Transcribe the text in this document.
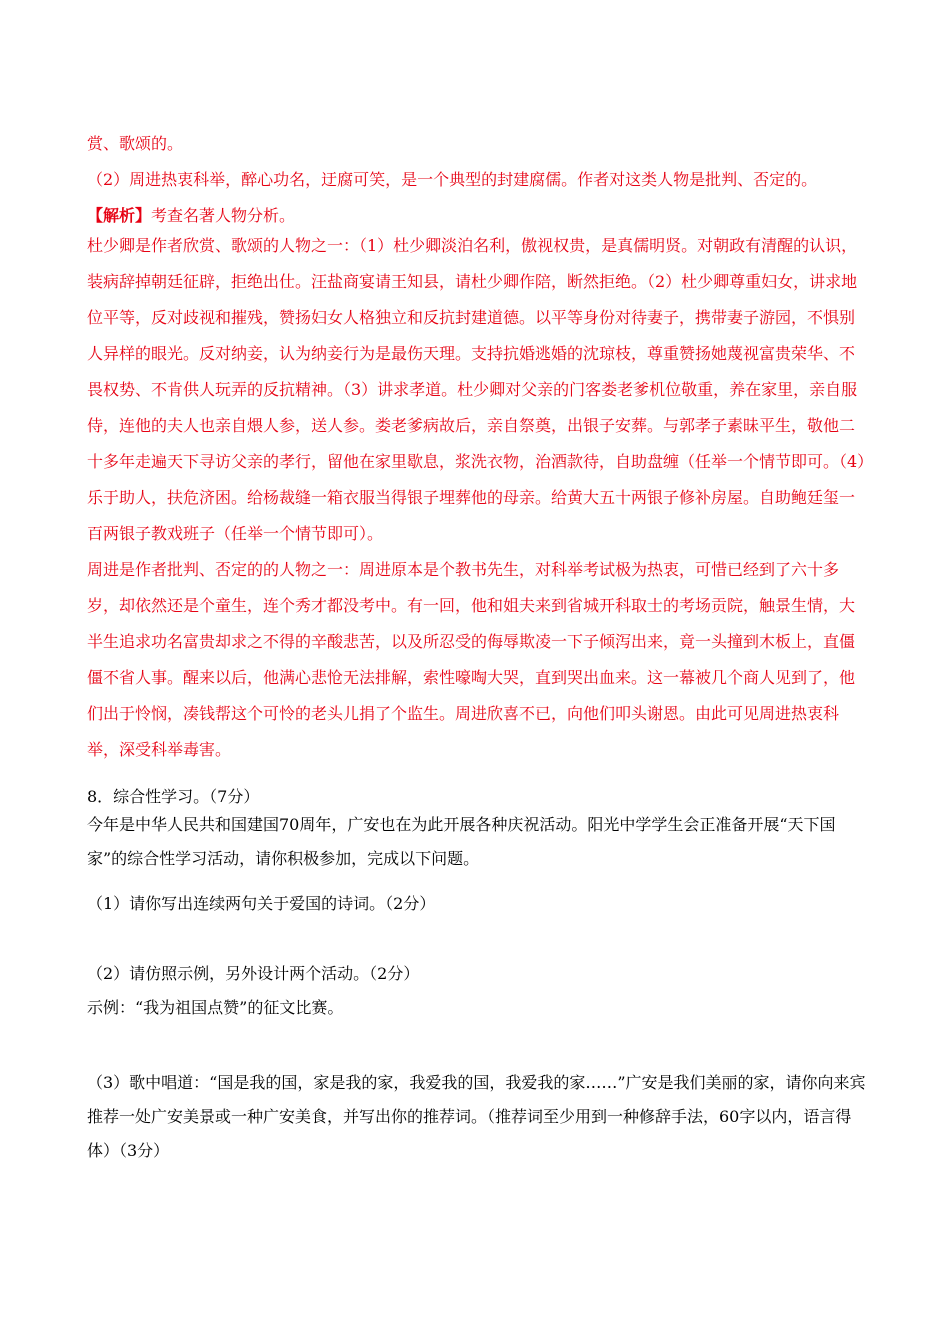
赏、歌颂的。
（2）周进热衷科举，醉心功名，迂腐可笑，是一个典型的封建腐儒。作者对这类人物是批判、否定的。
【解析】考查名著人物分析。
杜少卿是作者欣赏、歌颂的人物之一：（1）杜少卿淡泊名利，傲视权贵，是真儒明贤。对朝政有清醒的认识，装病辞掉朝廷征辟，拒绝出仕。汪盐商宴请王知县，请杜少卿作陪，断然拒绝。（2）杜少卿尊重妇女，讲求地位平等，反对歧视和摧残，赞扬妇女人格独立和反抗封建道德。以平等身份对待妻子，携带妻子游园，不惧别人异样的眼光。反对纳妾，认为纳妾行为是最伤天理。支持抗婚逃婚的沈琼枝，尊重赞扬她蔑视富贵荣华、不畏权势、不肯供人玩弄的反抗精神。（3）讲求孝道。杜少卿对父亲的门客娄老爹机位敬重，养在家里，亲自服侍，连他的夫人也亲自煨人参，送人参。娄老爹病故后，亲自祭奠，出银子安葬。与郭孝子素昧平生，敬他二十多年走遍天下寻访父亲的孝行，留他在家里歇息，浆洗衣物，治酒款待，自助盘缠（任举一个情节即可。（4）乐于助人，扶危济困。给杨裁缝一箱衣服当得银子埋葬他的母亲。给黄大五十两银子修补房屋。自助鲍廷玺一百两银子教戏班子（任举一个情节即可）。
周进是作者批判、否定的的人物之一：周进原本是个教书先生，对科举考试极为热衷，可惜已经到了六十多岁，却依然还是个童生，连个秀才都没考中。有一回，他和姐夫来到省城开科取士的考场贡院，触景生情，大半生追求功名富贵却求之不得的辛酸悲苦，以及所忍受的侮辱欺凌一下子倾泻出来，竟一头撞到木板上，直僵僵不省人事。醒来以后，他满心悲怆无法排解，索性嚎啕大哭，直到哭出血来。这一幕被几个商人见到了，他们出于怜悯，凑钱帮这个可怜的老头儿捐了个监生。周进欣喜不已，向他们叩头谢恩。由此可见周进热衷科举，深受科举毒害。
8．综合性学习。（7分）
今年是中华人民共和国建国70周年，广安也在为此开展各种庆祝活动。阳光中学学生会正准备开展“天下国家”的综合性学习活动，请你积极参加，完成以下问题。
（1）请你写出连续两句关于爱国的诗词。（2分）
（2）请仿照示例，另外设计两个活动。（2分）
示例：“我为祖国点赞”的征文比赛。
（3）歌中唱道：“国是我的国，家是我的家，我爱我的国，我爱我的家……”广安是我们美丽的家，请你向来宾推荐一处广安美景或一种广安美食，并写出你的推荐词。（推荐词至少用到一种修辞手法，60字以内，语言得体）（3分）
